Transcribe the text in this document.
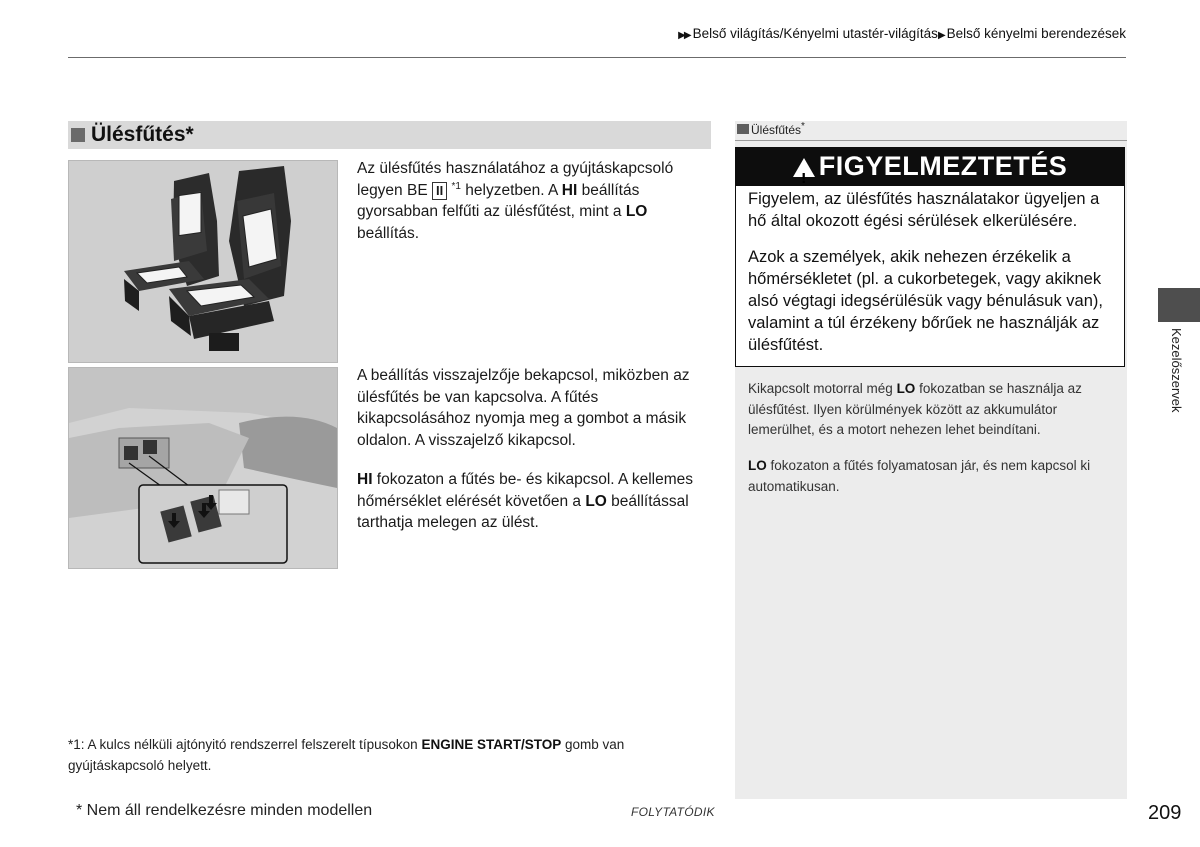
▶▶ Belső világítás/Kényelmi utastér-világítás▶ Belső kényelmi berendezések
Ülésfűtés*
Az ülésfűtés használatához a gyújtáskapcsoló legyen BE II $^{*1}$ helyzetben. A HI beállítás gyorsabban felfűti az ülésfűtést, mint a LO beállítás.
A beállítás visszajelzője bekapcsol, miközben az ülésfűtés be van kapcsolva. A fűtés kikapcsolásához nyomja meg a gombot a másik oldalon. A visszajelző kikapcsol.
HI fokozaton a fűtés be- és kikapcsol. A kellemes hőmérséklet elérését követően a LO beállítással tarthatja melegen az ülést.
Ülésfűtés*
!FIGYELMEZTETÉS
Figyelem, az ülésfűtés használatakor ügyeljen a hő által okozott égési sérülések elkerülésére.
Azok a személyek, akik nehezen érzékelik a hőmérsékletet (pl. a cukorbetegek, vagy akiknek alsó végtagi idegsérülésük vagy bénulásuk van), valamint a túl érzékeny bőrűek ne használják az ülésfűtést.
Kikapcsolt motorral még LO fokozatban se használja az ülésfűtést. Ilyen körülmények között az akkumulátor lemerülhet, és a motort nehezen lehet beindítani.
LO fokozaton a fűtés folyamatosan jár, és nem kapcsol ki automatikusan.
Kezelőszervek
*1: A kulcs nélküli ajtónyitó rendszerrel felszerelt típusokon ENGINE START/STOP gomb van gyújtáskapcsoló helyett.
* Nem áll rendelkezésre minden modellen	FOLYTATÓDIK	209
